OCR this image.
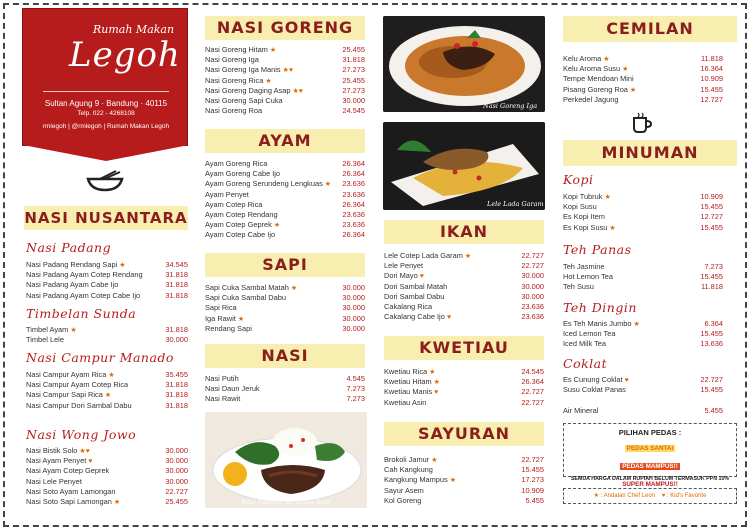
Rumah Makan
Legoh
Sultan Agung 9 · Bandung · 40115
Telp. 022 - 4268108
rmlegoh | @rmlegoh | Rumah Makan Legoh
NASI NUSANTARA
Nasi Padang
Nasi Padang Rendang Sapi ★	34.545
Nasi Padang Ayam Cotep Rendang	31.818
Nasi Padang Ayam Cabe Ijo	31.818
Nasi Padang Ayam Cotep Cabe Ijo	31.818
Timbelan Sunda
Timbel Ayam ★	31.818
Timbel Lele	30.000
Nasi Campur Manado
Nasi Campur Ayam Rica ★	35.455
Nasi Campur Ayam Cotep Rica	31.818
Nasi Campur Sapi Rica ★	31.818
Nasi Campur Dori Sambal Dabu	31.818
Nasi Wong Jowo
Nasi Bistik Solo ★♥	30.000
Nasi Ayam Penyet ♥	30.000
Nasi Ayam Cotep Geprek	30.000
Nasi Lele Penyet	30.000
Nasi Soto Ayam Lamongan	22.727
Nasi Soto Sapi Lamongan ★	25.455
NASI GORENG
Nasi Goreng Hitam ★	25.455
Nasi Goreng Iga	31.818
Nasi Goreng Iga Manis ★♥	27.273
Nasi Goreng Rica ★	25.455
Nasi Goreng Daging Asap ★♥	27.273
Nasi Goreng Sapi Cuka	30.000
Nasi Goreng Roa	24.545
AYAM
Ayam Goreng Rica	26.364
Ayam Goreng Cabe Ijo	26.364
Ayam Goreng Serundeng Lengkuas ★ 23.636
Ayam Penyet	23.636
Ayam Cotep Rica	26.364
Ayam Cotep Rendang	23.636
Ayam Cotep Geprek ★	23.636
Ayam Cotep Cabe Ijo	26.364
SAPI
Sapi Cuka Sambal Matah ★	30.000
Sapi Cuka Sambal Dabu	30.000
Sapi Rica	30.000
Iga Rawit ★	30.000
Rendang Sapi	30.000
NASI
Nasi Putih	4.545
Nasi Daun Jeruk	7.273
Nasi Rawit	7.273
Nasi Padang Rendang Sapi
Nasi Goreng Iga
Lele Lada Garam
IKAN
Lele Cotep Lada Garam ★	22.727
Lele Penyet	22.727
Dori Mayo ♥	30.000
Dori Sambal Matah	30.000
Dori Sambal Dabu	30.000
Cakalang Rica	23.636
Cakalang Cabe Ijo ♥	23.636
KWETIAU
Kwetiau Rica ★	24.545
Kwetiau Hitam ★	26.364
Kwetiau Manis ♥	22.727
Kwetiau Asin	22.727
SAYURAN
Brokoli Jamur ★	22.727
Cah Kangkung	15.455
Kangkung Mampus ★	17.273
Sayur Asem	10.909
Kol Goreng	5.455
CEMILAN
Kelu Aroma ★	11.818
Kelu Aroma Susu ★	16.364
Tempe Mendoan Mini	10.909
Pisang Goreng Roa ★	15.455
Perkedel Jagung	12.727
MINUMAN
Kopi
Kopi Tubruk ★	10.909
Kopi Susu	15.455
Es Kopi Item	12.727
Es Kopi Susu ★	15.455
Teh Panas
Teh Jasmine	7.273
Hot Lemon Tea	15.455
Teh Susu	11.818
Teh Dingin
Es Teh Manis Jumbo ★	6.364
Iced Lemon Tea	15.455
Iced Milk Tea	13.636
Coklat
Es Cunung Coklat ♥	22.727
Susu Coklat Panas	15.455
Air Mineral	5.455
PILIHAN PEDAS :
PEDAS SANTAI
PEDAS MAMPUS!!
SUPER MAMPUS!!
SEMUA HARGA DALAM RUPIAH BELUM TERMASUK PPN 10%
★ : Andalan Chef Leon ♥ : Kid's Favorite
